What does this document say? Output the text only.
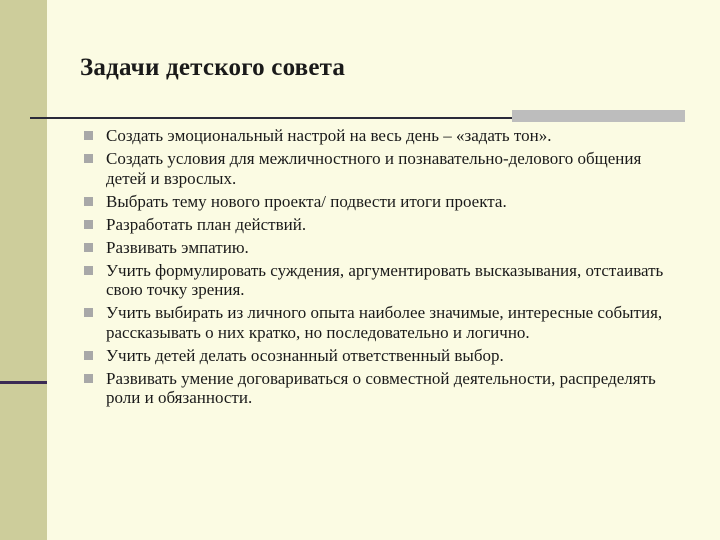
Задачи детского совета
Создать эмоциональный настрой на весь день – «задать тон».
Создать условия для межличностного и познавательно-делового общения детей и взрослых.
Выбрать тему нового проекта/ подвести итоги проекта.
Разработать план действий.
Развивать эмпатию.
Учить формулировать суждения, аргументировать высказывания, отстаивать свою точку зрения.
Учить выбирать из личного опыта наиболее значимые, интересные события, рассказывать о них кратко, но последовательно и логично.
Учить детей делать осознанный ответственный выбор.
Развивать умение договариваться о совместной деятельности, распределять роли и обязанности.
